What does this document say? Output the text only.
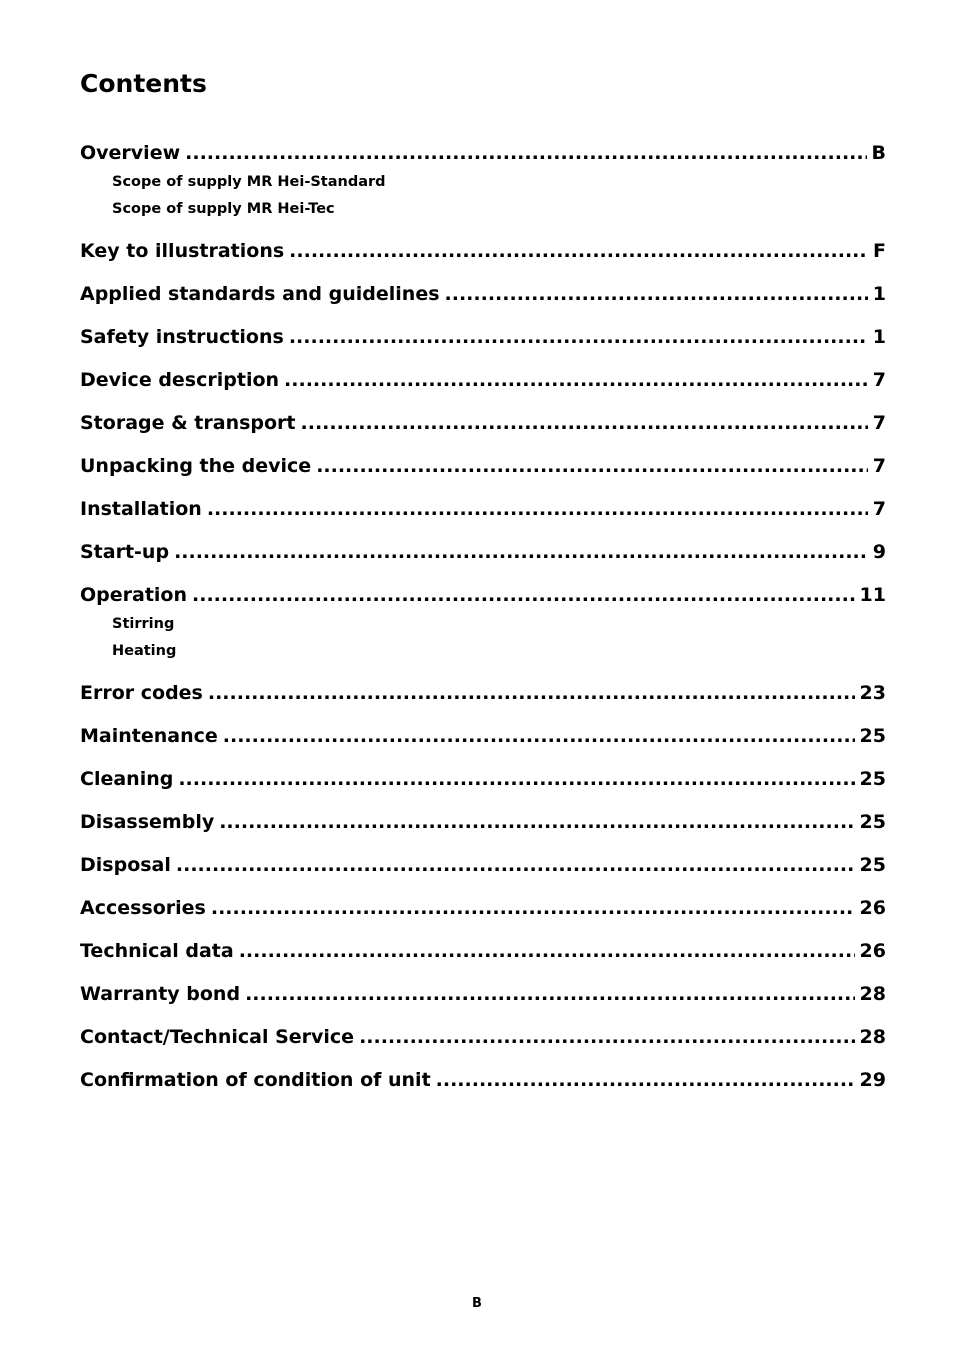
Contents
Overview .....	B
Scope of supply MR Hei-Standard
Scope of supply MR Hei-Tec
Key to illustrations .....	F
Applied standards and guidelines .....	1
Safety instructions .....	1
Device description .....	7
Storage & transport .....	7
Unpacking the device .....	7
Installation .....	7
Start-up .....	9
Operation .....	11
Stirring
Heating
Error codes .....	23
Maintenance .....	25
Cleaning .....	25
Disassembly .....	25
Disposal .....	25
Accessories .....	26
Technical data .....	26
Warranty bond .....	28
Contact/Technical Service .....	28
Confirmation of condition of unit .....	29
B
